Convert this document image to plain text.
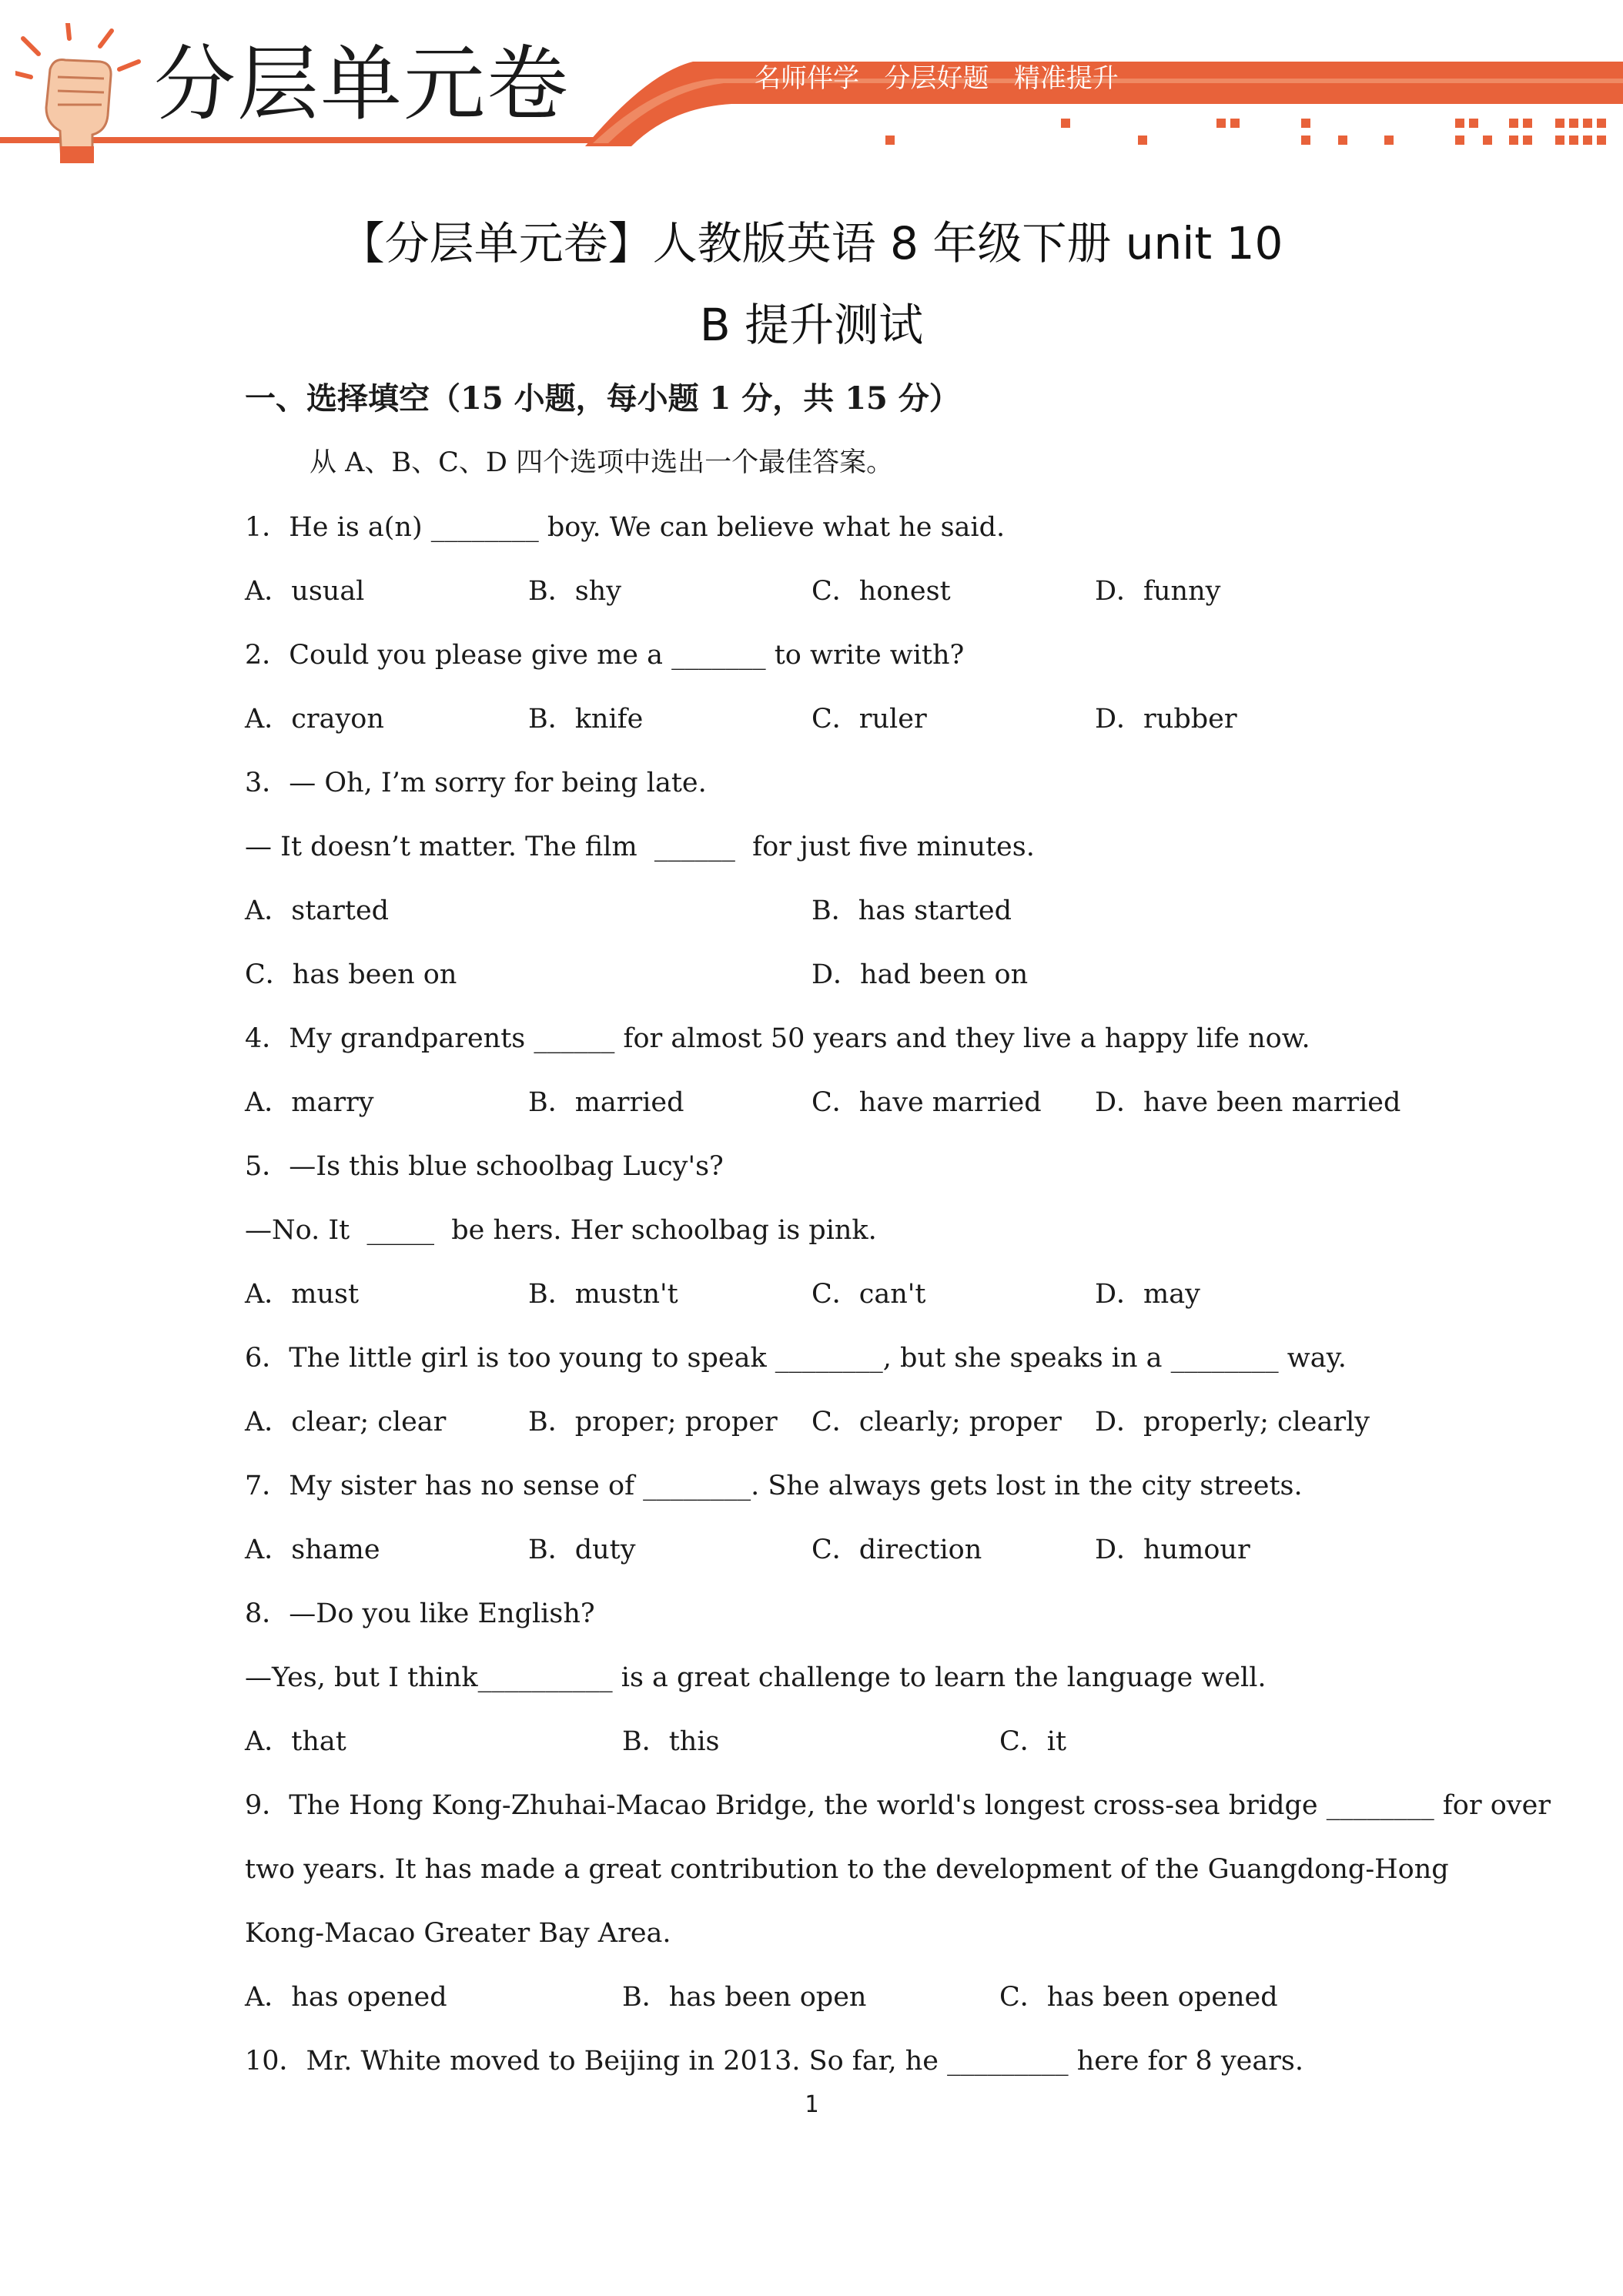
分层单元卷	名师伴学   分层好题   精准提升
【分层单元卷】人教版英语 8 年级下册 unit 10
B 提升测试
一、选择填空（15 小题，每小题 1 分，共 15 分）
从 A、B、C、D 四个选项中选出一个最佳答案。
1．He is a(n) ________ boy. We can believe what he said.
A．usual	B．shy	C．honest	D．funny
2．Could you please give me a _______ to write with?
A．crayon	B．knife	C．ruler	D．rubber
3．— Oh, I’m sorry for being late.
— It doesn’t matter. The film  ______  for just five minutes.
A．started	B．has started
C．has been on	D．had been on
4．My grandparents ______ for almost 50 years and they live a happy life now.
A．marry	B．married	C．have married D．have been married
5．—Is this blue schoolbag Lucy's?
—No. It  _____  be hers. Her schoolbag is pink.
A．must	B．mustn't	C．can't	D．may
6．The little girl is too young to speak ________, but she speaks in a ________ way.
A．clear; clear	B．proper; proper C．clearly; proper D．properly; clearly
7．My sister has no sense of ________. She always gets lost in the city streets.
A．shame	B．duty	C．direction	D．humour
8．—Do you like English?
—Yes, but I think__________ is a great challenge to learn the language well.
A．that	B．this	C．it
9．The Hong Kong-Zhuhai-Macao Bridge, the world's longest cross-sea bridge ________ for over
two years. It has made a great contribution to the development of the Guangdong-Hong
Kong-Macao Greater Bay Area.
A．has opened	B．has been open	C．has been opened
10．Mr. White moved to Beijing in 2013. So far, he _________ here for 8 years.
1
